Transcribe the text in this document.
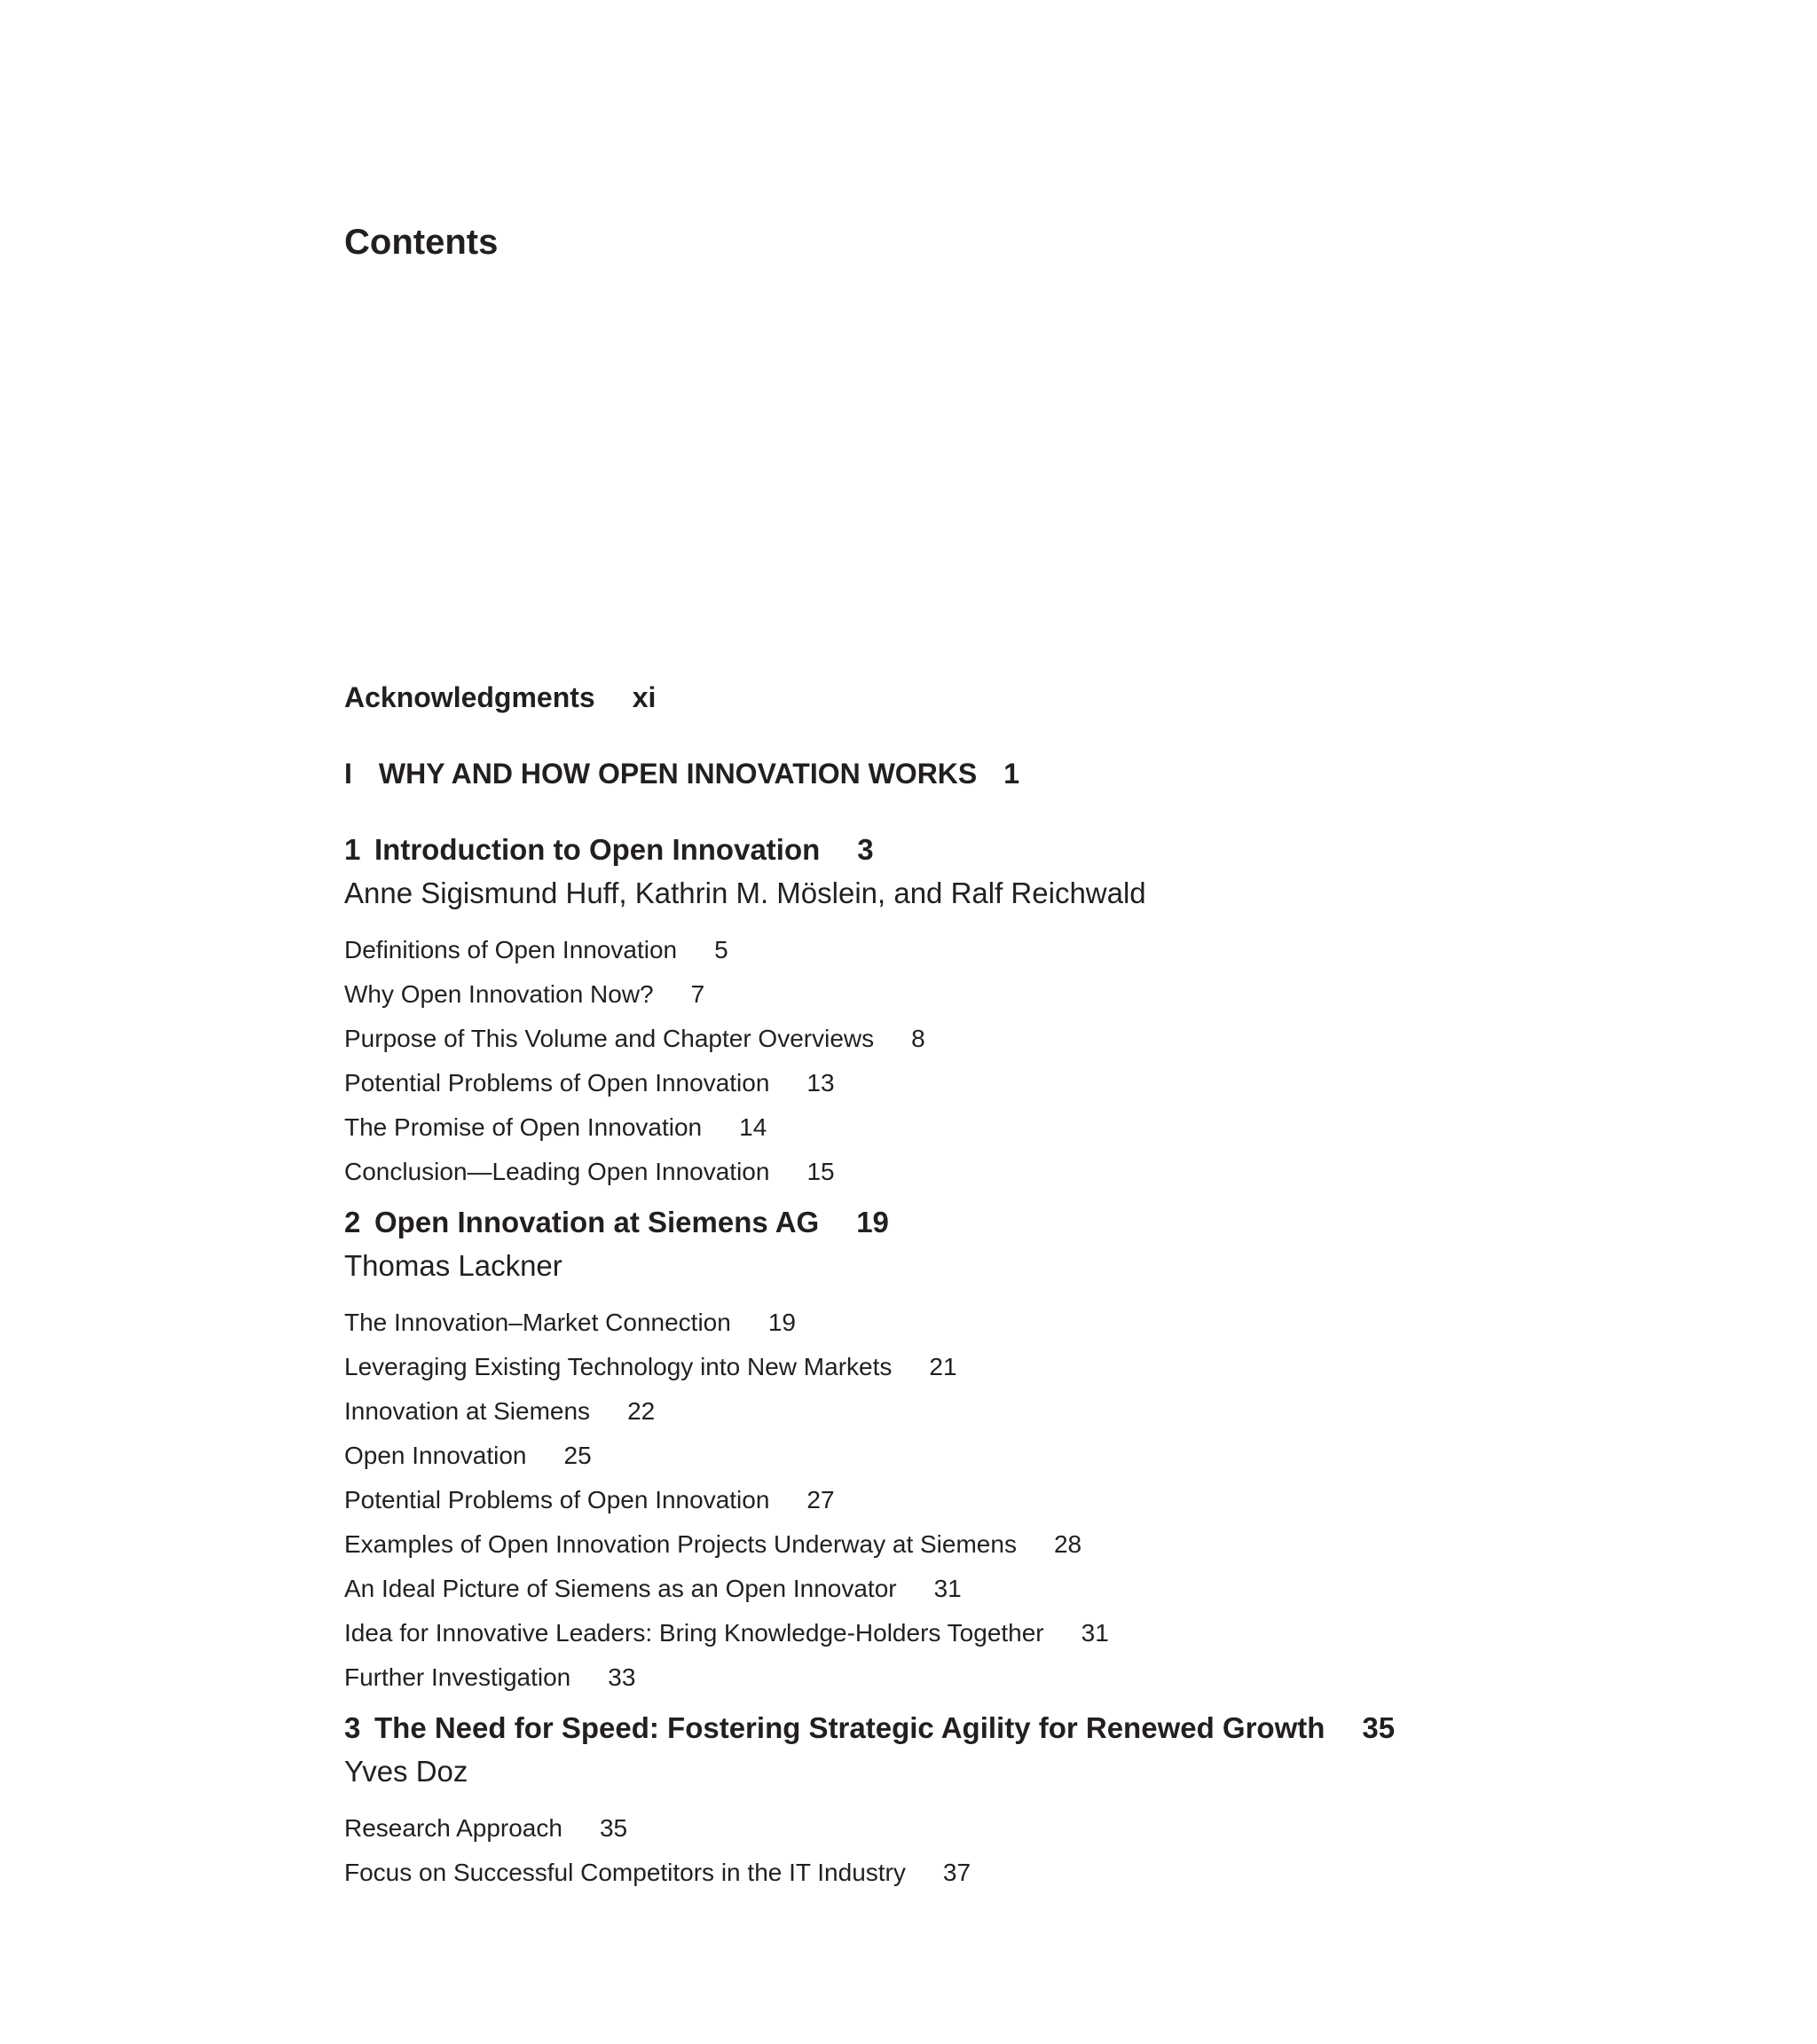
Contents
Acknowledgments xi
I WHY AND HOW OPEN INNOVATION WORKS 1
1 Introduction to Open Innovation 3
Anne Sigismund Huff, Kathrin M. Möslein, and Ralf Reichwald
Definitions of Open Innovation 5
Why Open Innovation Now? 7
Purpose of This Volume and Chapter Overviews 8
Potential Problems of Open Innovation 13
The Promise of Open Innovation 14
Conclusion—Leading Open Innovation 15
2 Open Innovation at Siemens AG 19
Thomas Lackner
The Innovation–Market Connection 19
Leveraging Existing Technology into New Markets 21
Innovation at Siemens 22
Open Innovation 25
Potential Problems of Open Innovation 27
Examples of Open Innovation Projects Underway at Siemens 28
An Ideal Picture of Siemens as an Open Innovator 31
Idea for Innovative Leaders: Bring Knowledge-Holders Together 31
Further Investigation 33
3 The Need for Speed: Fostering Strategic Agility for Renewed Growth 35
Yves Doz
Research Approach 35
Focus on Successful Competitors in the IT Industry 37
